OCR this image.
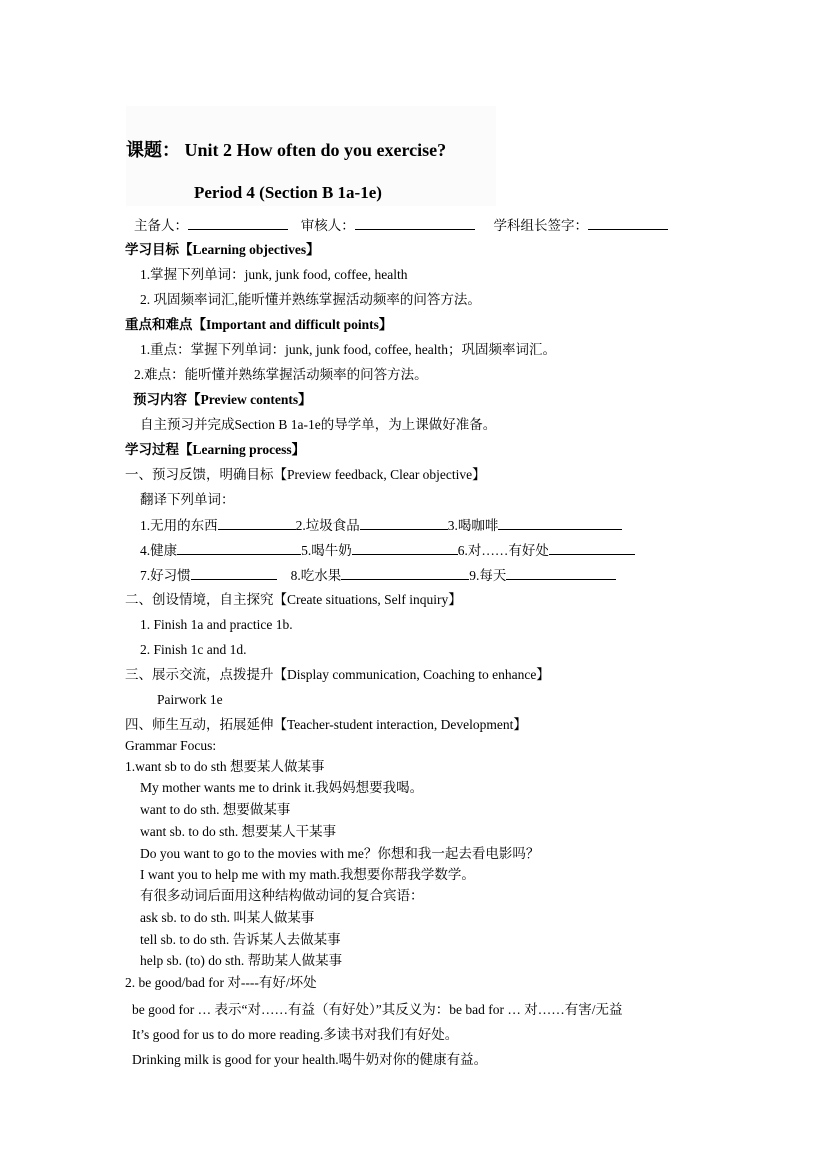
课题： Unit 2 How often do you exercise?
Period 4 (Section B 1a-1e)
主备人：	审核人：	学科组长签字：
学习目标【Learning objectives】
1.掌握下列单词：junk, junk food, coffee, health
2. 巩固频率词汇,能听懂并熟练掌握活动频率的问答方法。
重点和难点【Important and difficult points】
1.重点：掌握下列单词：junk, junk food, coffee, health；巩固频率词汇。
2.难点：能听懂并熟练掌握活动频率的问答方法。
预习内容【Preview contents】
自主预习并完成Section B 1a-1e的导学单，为上课做好准备。
学习过程【Learning process】
一、预习反馈，明确目标【Preview feedback, Clear objective】
翻译下列单词：
1.无用的东西	2.垃圾食品	3.喝咖啡
4.健康	5.喝牛奶	6.对……有好处
7.好习惯	8.吃水果	9.每天
二、创设情境，自主探究【Create situations, Self inquiry】
1. Finish 1a and practice 1b.
2. Finish 1c and 1d.
三、展示交流，点拨提升【Display communication, Coaching to enhance】
Pairwork 1e
四、师生互动，拓展延伸【Teacher-student interaction, Development】
Grammar Focus:
1.want sb to do sth 想要某人做某事
My mother wants me to drink it.我妈妈想要我喝。
want to do sth. 想要做某事
want sb. to do sth. 想要某人干某事
Do you want to go to the movies with me？你想和我一起去看电影吗？
I want you to help me with my math.我想要你帮我学数学。
有很多动词后面用这种结构做动词的复合宾语：
ask sb. to do sth. 叫某人做某事
tell sb. to do sth. 告诉某人去做某事
help sb. (to) do sth. 帮助某人做某事
2. be good/bad for 对----有好/坏处
be good for … 表示“对……有益（有好处）”其反义为：be bad for … 对……有害/无益
It’s good for us to do more reading.多读书对我们有好处。
Drinking milk is good for your health.喝牛奶对你的健康有益。
